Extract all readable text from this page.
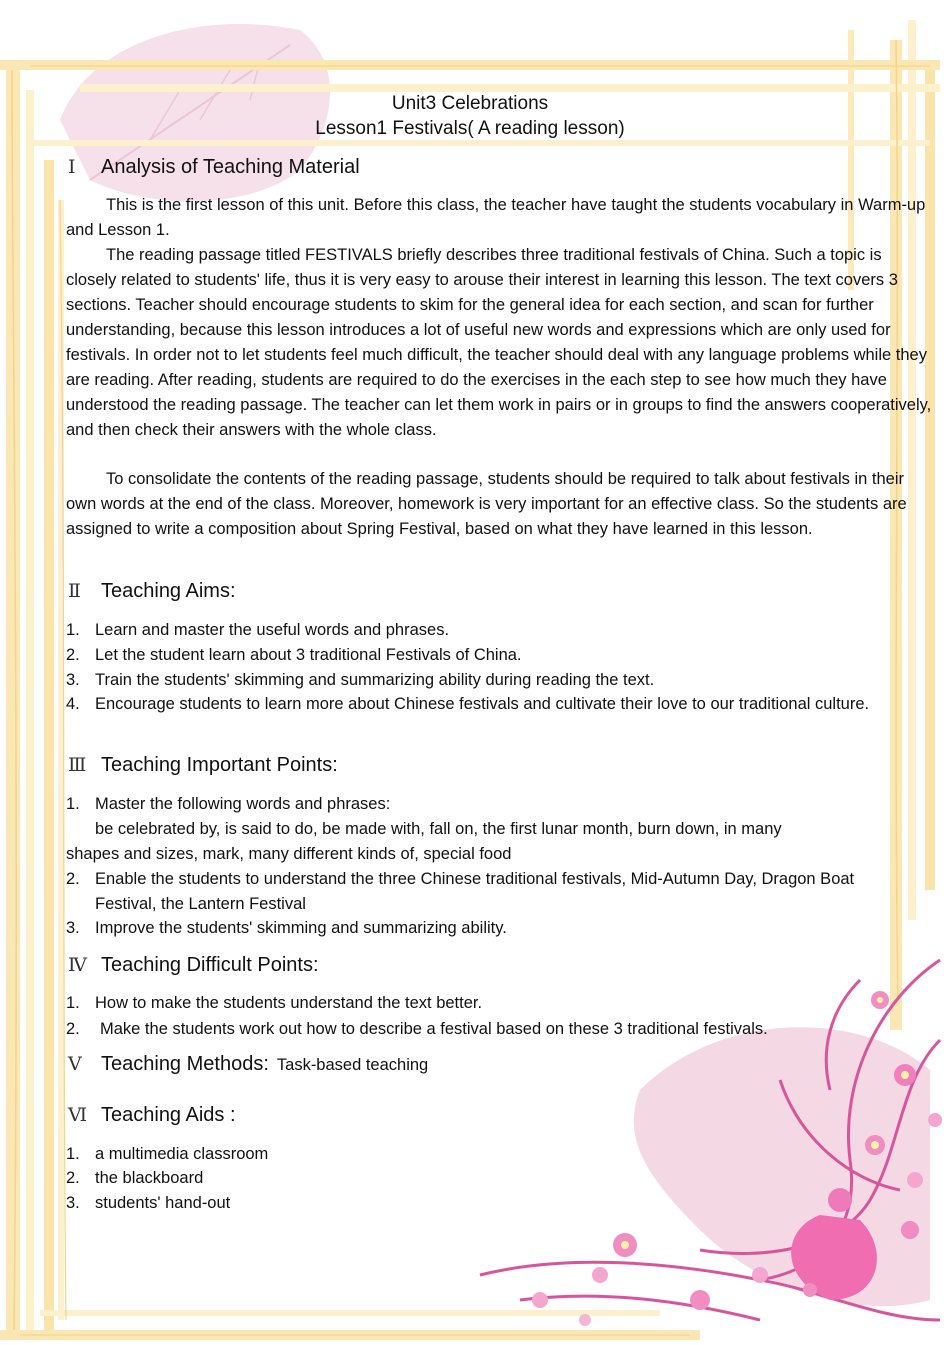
Unit3 Celebrations
Lesson1 Festivals( A reading lesson)
Ⅰ Analysis of Teaching Material
This is the first lesson of this unit. Before this class, the teacher have taught the students vocabulary in Warm-up and Lesson 1.
The reading passage titled FESTIVALS briefly describes three traditional festivals of China. Such a topic is closely related to students' life, thus it is very easy to arouse their interest in learning this lesson. The text covers 3 sections. Teacher should encourage students to skim for the general idea for each section, and scan for further understanding, because this lesson introduces a lot of useful new words and expressions which are only used for festivals. In order not to let students feel much difficult, the teacher should deal with any language problems while they are reading. After reading, students are required to do the exercises in the each step to see how much they have understood the reading passage. The teacher can let them work in pairs or in groups to find the answers cooperatively, and then check their answers with the whole class.
To consolidate the contents of the reading passage, students should be required to talk about festivals in their own words at the end of the class. Moreover, homework is very important for an effective class. So the students are assigned to write a composition about Spring Festival, based on what they have learned in this lesson.
Ⅱ Teaching Aims:
1. Learn and master the useful words and phrases.
2. Let the student learn about 3 traditional Festivals of China.
3. Train the students' skimming and summarizing ability during reading the text.
4. Encourage students to learn more about Chinese festivals and cultivate their love to our traditional culture.
Ⅲ Teaching Important Points:
1. Master the following words and phrases:
be celebrated by, is said to do, be made with, fall on, the first lunar month, burn down, in many
shapes and sizes, mark, many different kinds of, special food
2. Enable the students to understand the three Chinese traditional festivals, Mid-Autumn Day, Dragon Boat Festival, the Lantern Festival
3. Improve the students' skimming and summarizing ability.
Ⅳ Teaching Difficult Points:
1. How to make the students understand the text better.
2.	Make the students work out how to describe a festival based on these 3 traditional festivals.
Ⅴ Teaching Methods: Task-based teaching
Ⅵ Teaching Aids :
1. a multimedia classroom
2. the blackboard
3. students' hand-out
